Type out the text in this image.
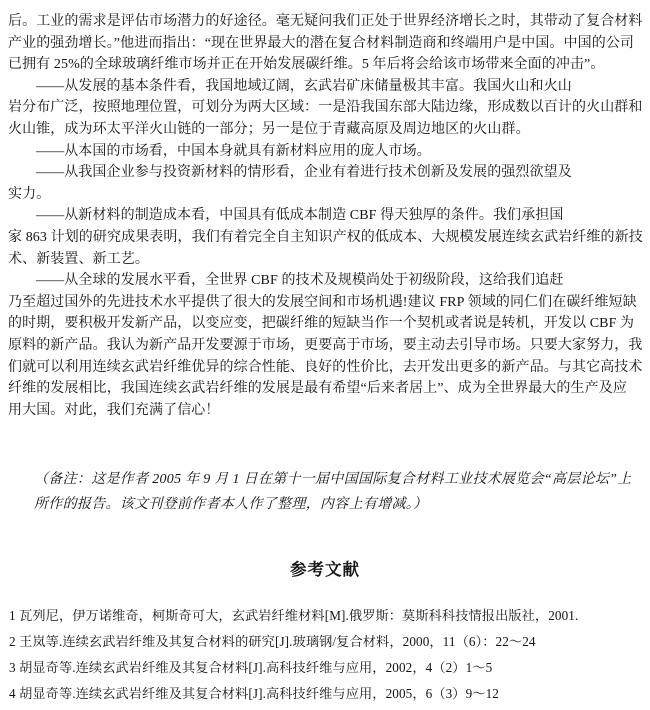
后。工业的需求是评估市场潜力的好途径。毫无疑问我们正处于世界经济增长之时，其带动了复合材料
产业的强劲增长。”他进而指出：“现在世界最大的潜在复合材料制造商和终端用户是中国。中国的公司
已拥有 25%的全球玻璃纤维市场并正在开始发展碳纤维。5 年后将会给该市场带来全面的冲击”。
——从发展的基本条件看，我国地域辽阔，玄武岩矿床储量极其丰富。我国火山和火山
岩分布广泛，按照地理位置，可划分为两大区域：一是沿我国东部大陆边缘，形成数以百计的火山群和
火山锥，成为环太平洋火山链的一部分；另一是位于青藏高原及周边地区的火山群。
——从本国的市场看，中国本身就具有新材料应用的庞人市场。
——从我国企业参与投资新材料的情形看，企业有着进行技术创新及发展的强烈欲望及
实力。
——从新材料的制造成本看，中国具有低成本制造 CBF 得天独厚的条件。我们承担国
家 863 计划的研究成果表明，我们有着完全自主知识产权的低成本、大规模发展连续玄武岩纤维的新技
术、新装置、新工艺。
——从全球的发展水平看，全世界 CBF 的技术及规模尚处于初级阶段，这给我们追赶
乃至超过国外的先进技术水平提供了很大的发展空间和市场机遇!建议 FRP 领域的同仁们在碳纤维短缺
的时期，要积极开发新产品，以变应变，把碳纤维的短缺当作一个契机或者说是转机，开发以 CBF 为
原料的新产品。我认为新产品开发要源于市场，更要高于市场，要主动去引导市场。只要大家努力，我
们就可以利用连续玄武岩纤维优异的综合性能、良好的性价比，去开发出更多的新产品。与其它高技术
纤维的发展相比，我国连续玄武岩纤维的发展是最有希望“后来者居上”、成为全世界最大的生产及应
用大国。对此，我们充满了信心！
（备注：这是作者 2005 年 9 月 1 日在第十一届中国国际复合材料工业技术展览会“高层论坛”上
所作的报告。该文刊登前作者本人作了整理，内容上有增减。）
参考文献
1 瓦列尼，伊万诺维奇，柯斯奇可大，玄武岩纤维材料[M].俄罗斯：莫斯科科技情报出版社，2001.
2 王岚等.连续玄武岩纤维及其复合材料的研究[J].玻璃钢/复合材料，2000，11（6）：22～24
3 胡显奇等.连续玄武岩纤维及其复合材料[J].高科技纤维与应用，2002，4（2）1～5
4 胡显奇等.连续玄武岩纤维及其复合材料[J].高科技纤维与应用，2005，6（3）9～12
